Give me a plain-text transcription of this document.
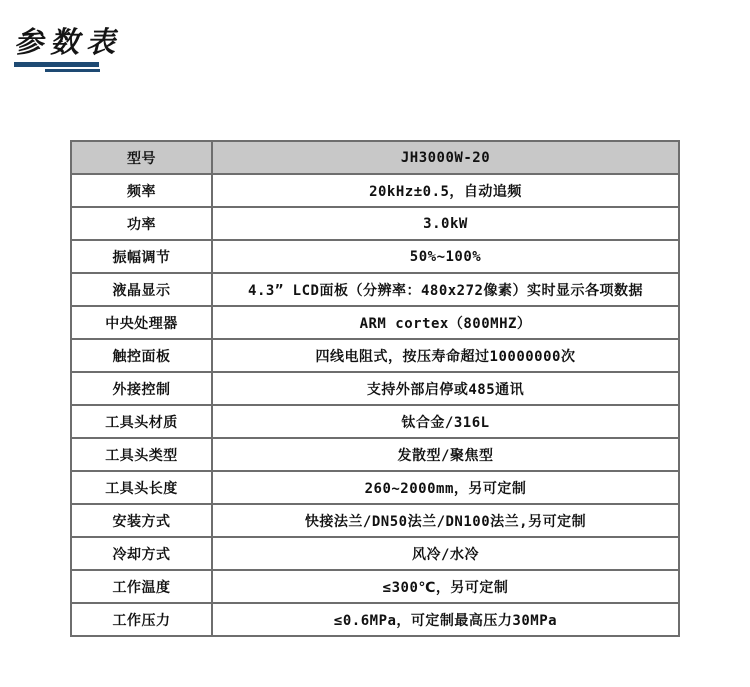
参数表
型号	JH3000W-20
频率	20kHz±0.5，自动追频
功率	3.0kW
振幅调节	50%~100%
液晶显示	4.3” LCD面板（分辨率：480x272像素）实时显示各项数据
中央处理器	ARM cortex（800MHZ）
触控面板	四线电阻式，按压寿命超过10000000次
外接控制	支持外部启停或485通讯
工具头材质	钛合金/316L
工具头类型	发散型/聚焦型
工具头长度	260~2000mm，另可定制
安装方式	快接法兰/DN50法兰/DN100法兰,另可定制
冷却方式	风冷/水冷
工作温度	≤300℃，另可定制
工作压力	≤0.6MPa，可定制最高压力30MPa
